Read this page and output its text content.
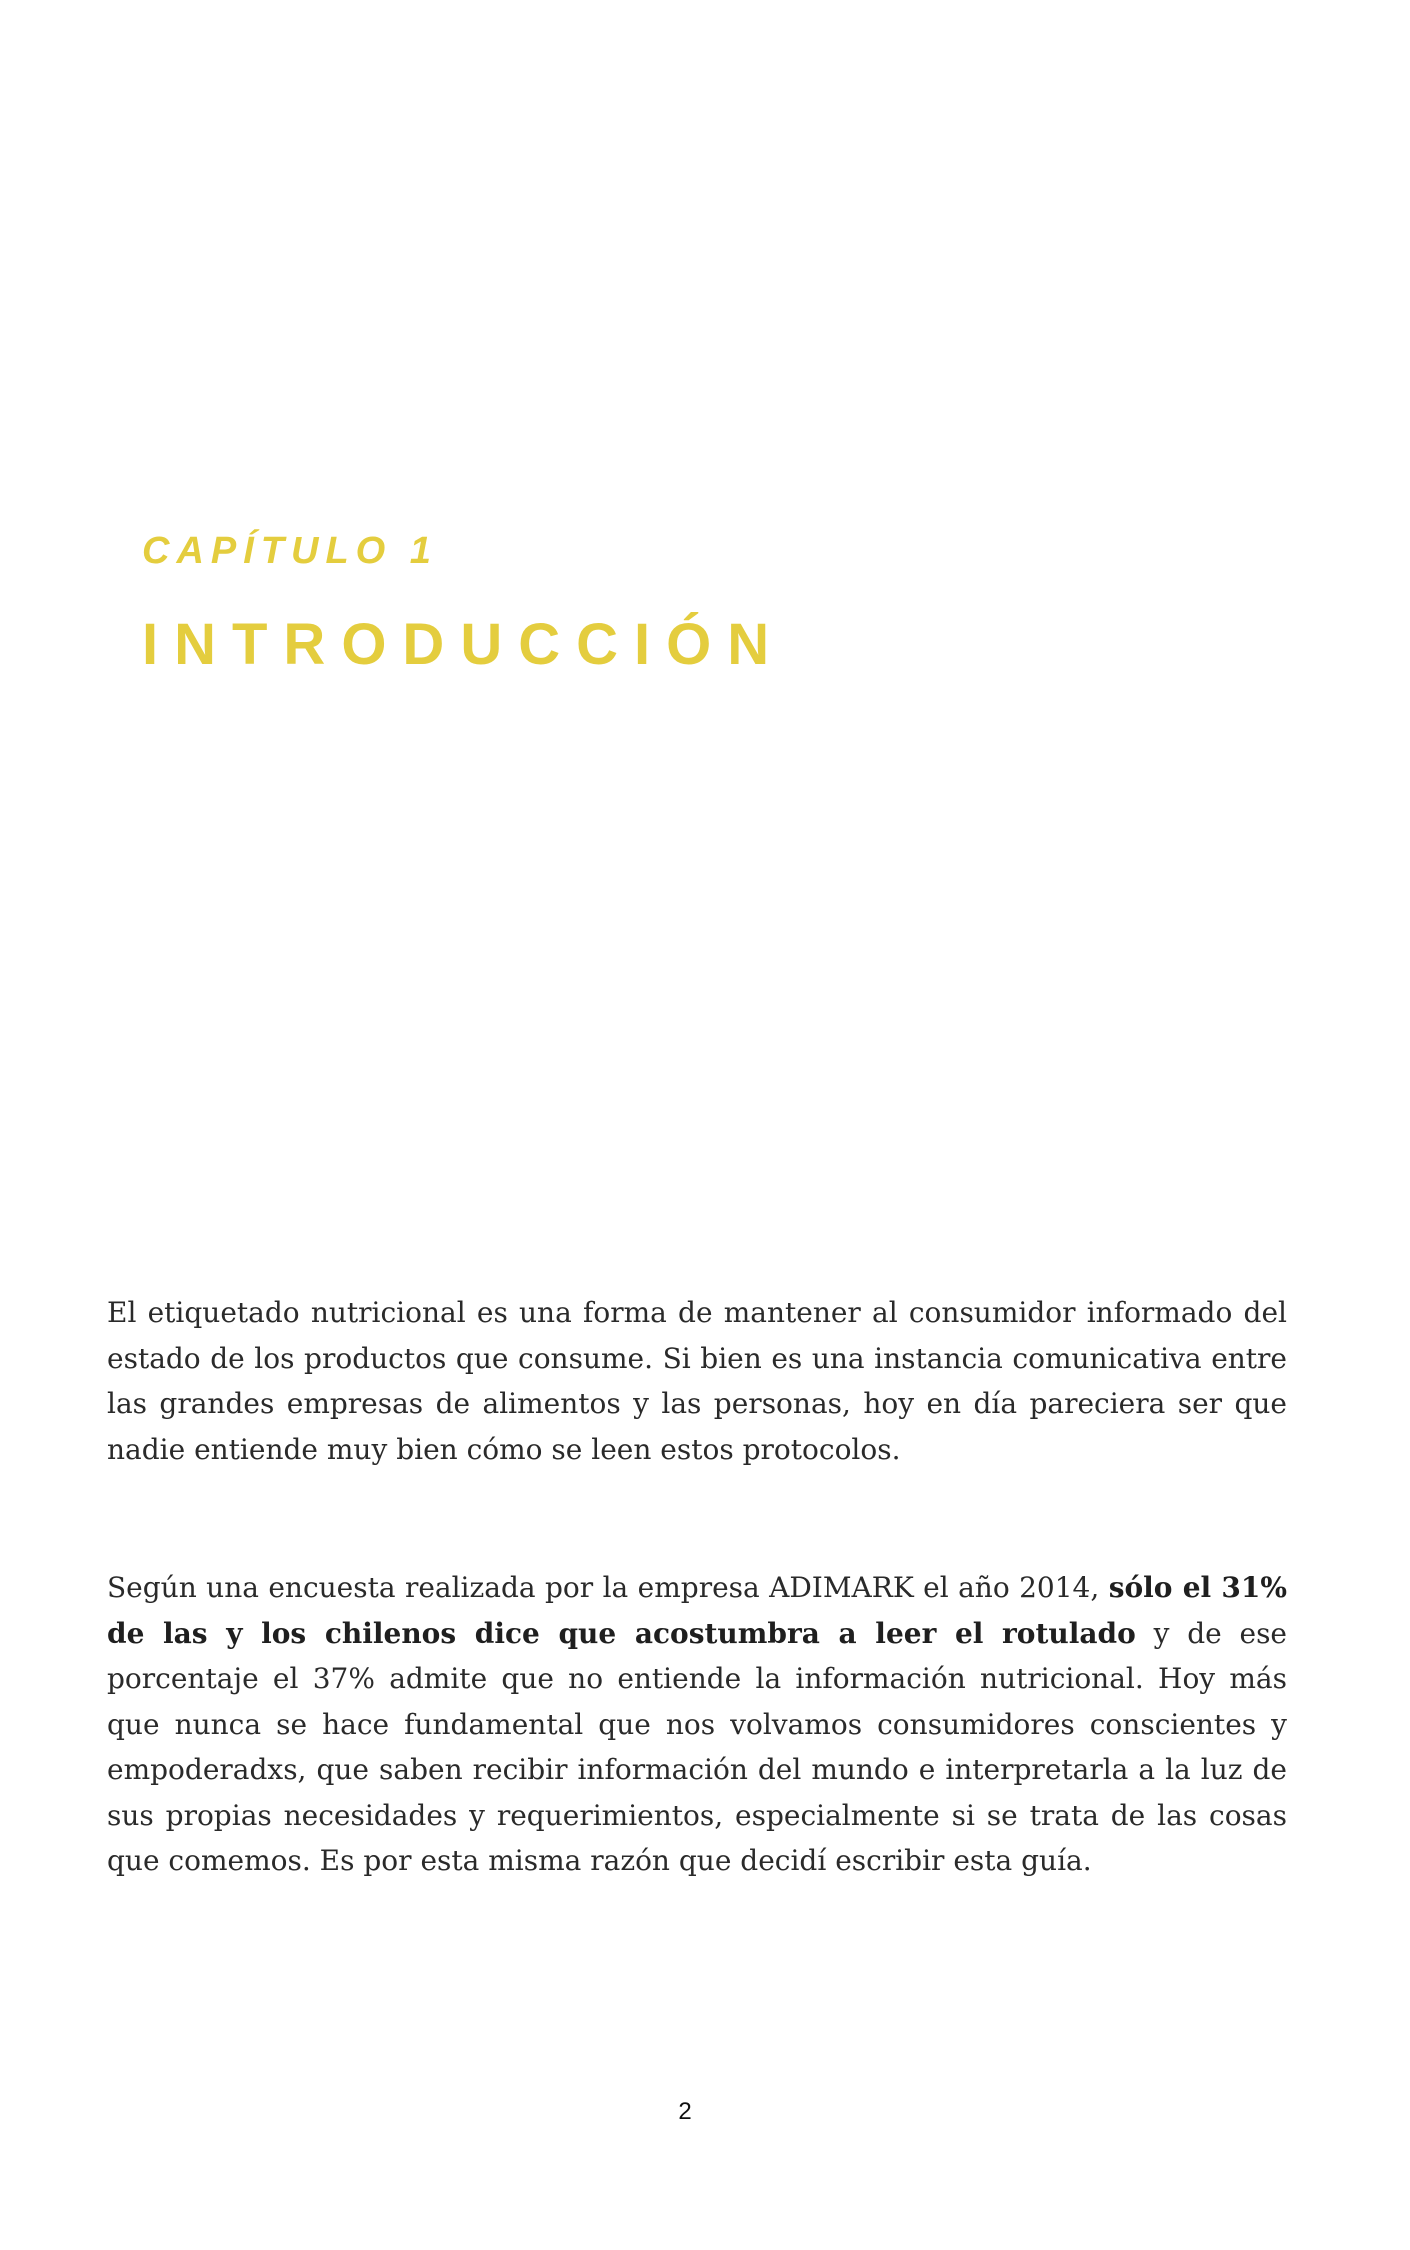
CAPÍTULO 1
INTRODUCCIÓN

El etiquetado nutricional es una forma de mantener al consumidor informado del estado de los productos que consume. Si bien es una instancia comunicativa entre las grandes empresas de alimentos y las personas, hoy en día pareciera ser que nadie entiende muy bien cómo se leen estos protocolos.

Según una encuesta realizada por la empresa ADIMARK el año 2014, sólo el 31% de las y los chilenos dice que acostumbra a leer el rotulado y de ese porcentaje el 37% admite que no entiende la información nutricional. Hoy más que nunca se hace fundamental que nos volvamos consumidores conscientes y empoderadxs, que saben recibir información del mundo e interpretarla a la luz de sus propias necesidades y requerimientos, especialmente si se trata de las cosas que comemos. Es por esta misma razón que decidí escribir esta guía.

2
